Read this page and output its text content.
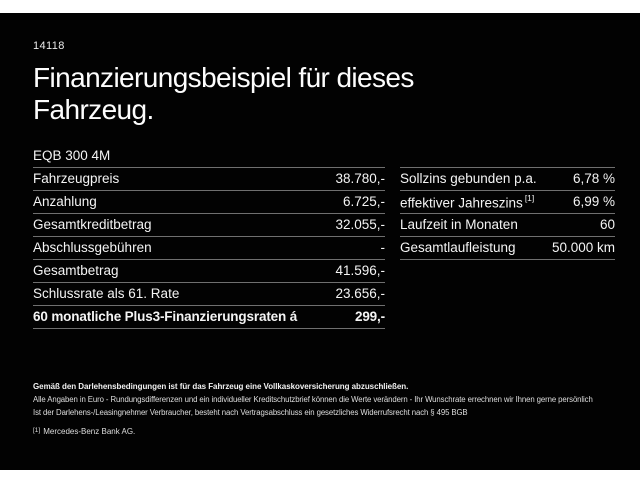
14118
Finanzierungsbeispiel für dieses Fahrzeug.
EQB 300 4M
Fahrzeugpreis	38.780,-
Anzahlung	6.725,-
Gesamtkreditbetrag	32.055,-
Abschlussgebühren	-
Gesamtbetrag	41.596,-
Schlussrate als 61. Rate	23.656,-
60 monatliche Plus3-Finanzierungsraten á	299,-
Sollzins gebunden p.a.	6,78 %
effektiver Jahreszins [1]	6,99 %
Laufzeit in Monaten	60
Gesamtlaufleistung	50.000 km
Gemäß den Darlehensbedingungen ist für das Fahrzeug eine Vollkaskoversicherung abzuschließen.
Alle Angaben in Euro - Rundungsdifferenzen und ein individueller Kreditschutzbrief können die Werte verändern - Ihr Wunschrate errechnen wir Ihnen gerne persönlich
Ist der Darlehens-/Leasingnehmer Verbraucher, besteht nach Vertragsabschluss ein gesetzliches Widerrufsrecht nach § 495 BGB
[1] Mercedes-Benz Bank AG.
